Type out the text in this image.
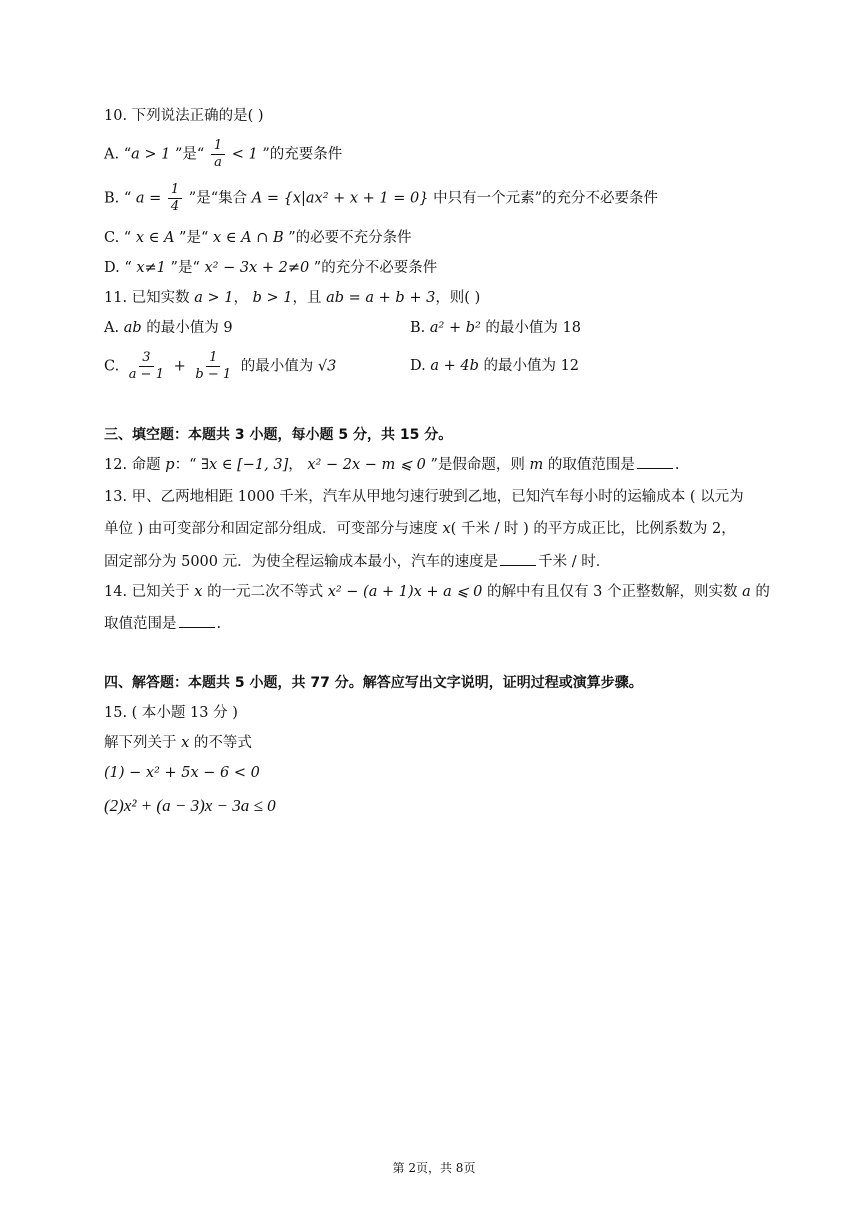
10. 下列说法正确的是( )
A. “a > 1 ”是“ $\frac{1}{a} < 1$ ”的充要条件
B. “ $a = \frac{1}{4}$ ”是“集合 A = {x|ax² + x + 1 = 0} 中只有一个元素”的充分不必要条件
C. “ x ∈ A ”是“ x ∈ A ∩ B ”的必要不充分条件
D. “ x≠1 ”是“ x² − 3x + 2≠0 ”的充分不必要条件
11. 已知实数 a > 1， b > 1，且 ab = a + b + 3，则( )
A. ab 的最小值为 9	B. a² + b² 的最小值为 18
C. $\frac{3}{a - 1} + \frac{1}{b - 1}$ 的最小值为 √3	D. a + 4b 的最小值为 12
三、填空题：本题共 3 小题，每小题 5 分，共 15 分。
12. 命题 p：“ ∃x ∈ [−1, 3]， x² − 2x − m ⩽ 0 ”是假命题，则 m 的取值范围是	.
13. 甲、乙两地相距 1000 千米，汽车从甲地匀速行驶到乙地，已知汽车每小时的运输成本 ( 以元为
单位 ) 由可变部分和固定部分组成．可变部分与速度 x( 千米 / 时 ) 的平方成正比，比例系数为 2，
固定部分为 5000 元．为使全程运输成本最小，汽车的速度是	千米 / 时．
14. 已知关于 x 的一元二次不等式 x² − (a + 1)x + a ⩽ 0 的解中有且仅有 3 个正整数解，则实数 a 的
取值范围是	.
四、解答题：本题共 5 小题，共 77 分。解答应写出文字说明，证明过程或演算步骤。
15. ( 本小题 13 分 )
解下列关于 x 的不等式
(1) − x² + 5x − 6 < 0
(2)x² + (a − 3)x − 3a ≤ 0
第 2页，共 8页
